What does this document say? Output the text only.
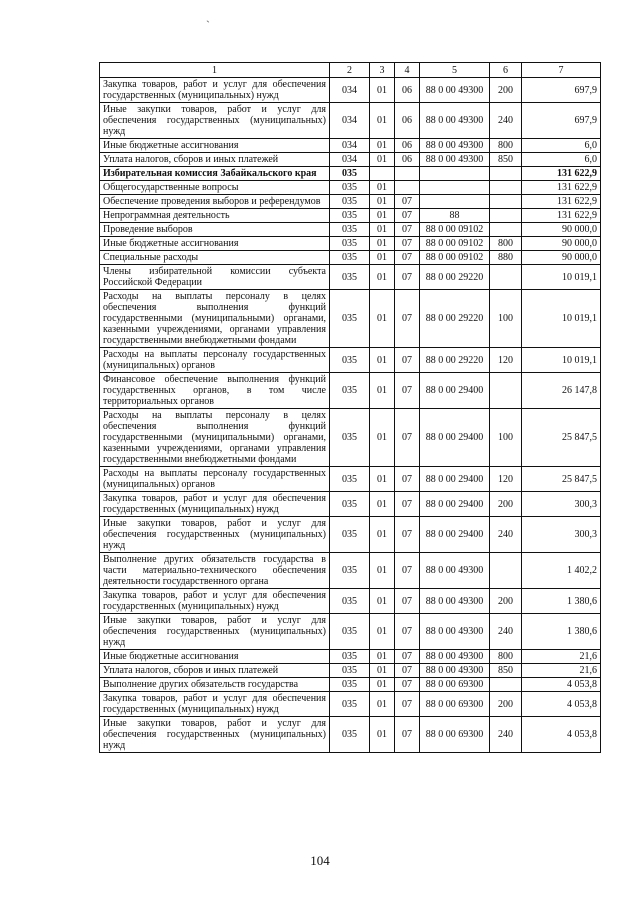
ˋ
1	2	3	4	5	6	7
Закупка товаров, работ и услуг для обеспечения государственных (муниципальных) нужд	034	01	06	88 0 00 49300	200	697,9
Иные закупки товаров, работ и услуг для обеспечения государственных (муниципальных) нужд	034	01	06	88 0 00 49300	240	697,9
Иные бюджетные ассигнования	034	01	06	88 0 00 49300	800	6,0
Уплата налогов, сборов и иных платежей	034	01	06	88 0 00 49300	850	6,0
Избирательная комиссия Забайкальского края	035					131 622,9
Общегосударственные вопросы	035	01				131 622,9
Обеспечение проведения выборов и референдумов	035	01	07			131 622,9
Непрограммная деятельность	035	01	07	88		131 622,9
Проведение выборов	035	01	07	88 0 00 09102		90 000,0
Иные бюджетные ассигнования	035	01	07	88 0 00 09102	800	90 000,0
Специальные расходы	035	01	07	88 0 00 09102	880	90 000,0
Члены избирательной комиссии субъекта Российской Федерации	035	01	07	88 0 00 29220		10 019,1
Расходы на выплаты персоналу в целях обеспечения выполнения функций государственными (муниципальными) органами, казенными учреждениями, органами управления государственными внебюджетными фондами	035	01	07	88 0 00 29220	100	10 019,1
Расходы на выплаты персоналу государственных (муниципальных) органов	035	01	07	88 0 00 29220	120	10 019,1
Финансовое обеспечение выполнения функций государственных органов, в том числе территориальных органов	035	01	07	88 0 00 29400		26 147,8
Расходы на выплаты персоналу в целях обеспечения выполнения функций государственными (муниципальными) органами, казенными учреждениями, органами управления государственными внебюджетными фондами	035	01	07	88 0 00 29400	100	25 847,5
Расходы на выплаты персоналу государственных (муниципальных) органов	035	01	07	88 0 00 29400	120	25 847,5
Закупка товаров, работ и услуг для обеспечения государственных (муниципальных) нужд	035	01	07	88 0 00 29400	200	300,3
Иные закупки товаров, работ и услуг для обеспечения государственных (муниципальных) нужд	035	01	07	88 0 00 29400	240	300,3
Выполнение других обязательств государства в части материально-технического обеспечения деятельности государственного органа	035	01	07	88 0 00 49300		1 402,2
Закупка товаров, работ и услуг для обеспечения государственных (муниципальных) нужд	035	01	07	88 0 00 49300	200	1 380,6
Иные закупки товаров, работ и услуг для обеспечения государственных (муниципальных) нужд	035	01	07	88 0 00 49300	240	1 380,6
Иные бюджетные ассигнования	035	01	07	88 0 00 49300	800	21,6
Уплата налогов, сборов и иных платежей	035	01	07	88 0 00 49300	850	21,6
Выполнение других обязательств государства	035	01	07	88 0 00 69300		4 053,8
Закупка товаров, работ и услуг для обеспечения государственных (муниципальных) нужд	035	01	07	88 0 00 69300	200	4 053,8
Иные закупки товаров, работ и услуг для обеспечения государственных (муниципальных) нужд	035	01	07	88 0 00 69300	240	4 053,8
104
